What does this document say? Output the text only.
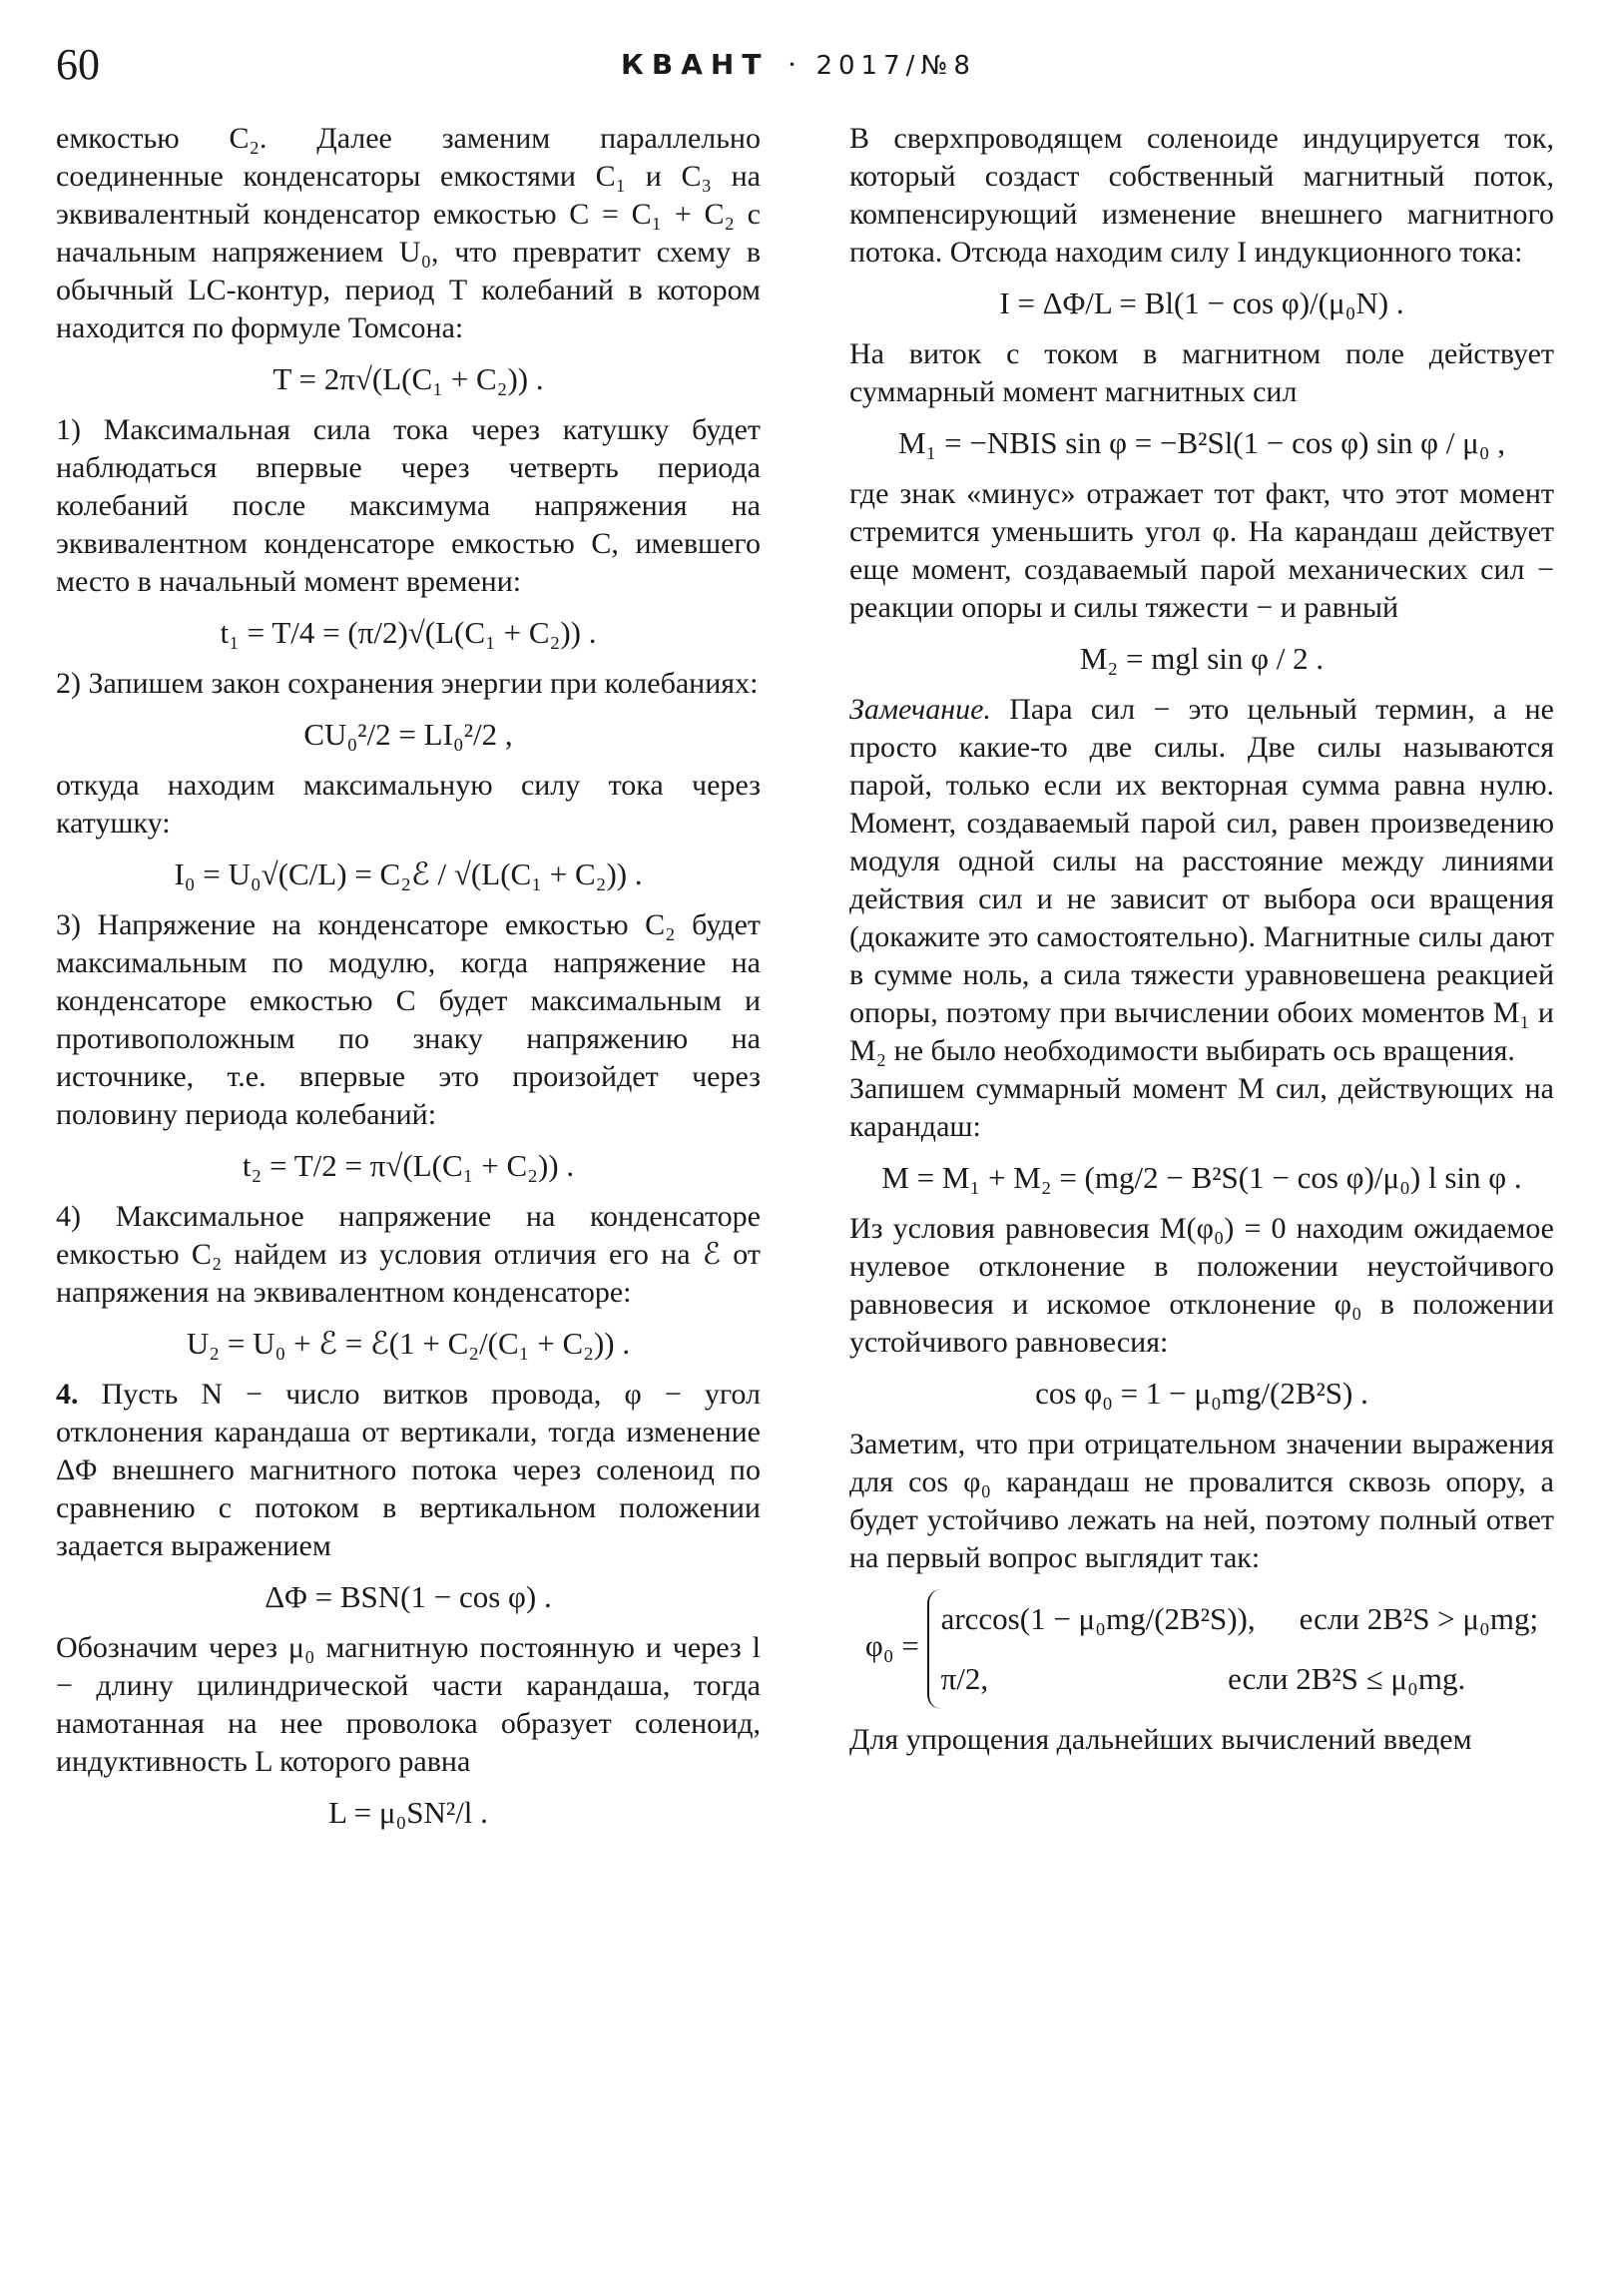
60	КВАНТ · 2017/№8

емкостью C₂. Далее заменим параллельно соединенные конденсаторы емкостями C₁ и C₃ на эквивалентный конденсатор емкостью C = C₁ + C₂ с начальным напряжением U₀, что превратит схему в обычный LC-контур, период T колебаний в котором находится по формуле Томсона:

T = 2π√(L(C₁ + C₂)) .

1) Максимальная сила тока через катушку будет наблюдаться впервые через четверть периода колебаний после максимума напряжения на эквивалентном конденсаторе емкостью C, имевшего место в начальный момент времени:

t₁ = T/4 = (π/2)√(L(C₁ + C₂)) .

2) Запишем закон сохранения энергии при колебаниях:

CU₀²/2 = LI₀²/2 ,

откуда находим максимальную силу тока через катушку:

I₀ = U₀√(C/L) = C₂ℰ / √(L(C₁ + C₂)) .

3) Напряжение на конденсаторе емкостью C₂ будет максимальным по модулю, когда напряжение на конденсаторе емкостью C будет максимальным и противоположным по знаку напряжению на источнике, т.е. впервые это произойдет через половину периода колебаний:

t₂ = T/2 = π√(L(C₁ + C₂)) .

4) Максимальное напряжение на конденсаторе емкостью C₂ найдем из условия отличия его на ℰ от напряжения на эквивалентном конденсаторе:

U₂ = U₀ + ℰ = ℰ(1 + C₂/(C₁ + C₂)) .

4. Пусть N − число витков провода, φ − угол отклонения карандаша от вертикали, тогда изменение ΔΦ внешнего магнитного потока через соленоид по сравнению с потоком в вертикальном положении задается выражением

ΔΦ = BSN(1 − cos φ) .

Обозначим через μ₀ магнитную постоянную и через l − длину цилиндрической части карандаша, тогда намотанная на нее проволока образует соленоид, индуктивность L которого равна

L = μ₀SN²/l .

В сверхпроводящем соленоиде индуцируется ток, который создаст собственный магнитный поток, компенсирующий изменение внешнего магнитного потока. Отсюда находим силу I индукционного тока:

I = ΔΦ/L = Bl(1 − cos φ)/(μ₀N) .

На виток с током в магнитном поле действует суммарный момент магнитных сил

M₁ = −NBIS sin φ = −B²Sl(1 − cos φ) sin φ / μ₀ ,

где знак «минус» отражает тот факт, что этот момент стремится уменьшить угол φ. На карандаш действует еще момент, создаваемый парой механических сил − реакции опоры и силы тяжести − и равный

M₂ = mgl sin φ / 2 .

Замечание. Пара сил − это цельный термин, а не просто какие-то две силы. Две силы называются парой, только если их векторная сумма равна нулю. Момент, создаваемый парой сил, равен произведению модуля одной силы на расстояние между линиями действия сил и не зависит от выбора оси вращения (докажите это самостоятельно). Магнитные силы дают в сумме ноль, а сила тяжести уравновешена реакцией опоры, поэтому при вычислении обоих моментов M₁ и M₂ не было необходимости выбирать ось вращения.

Запишем суммарный момент M сил, действующих на карандаш:

M = M₁ + M₂ = (mg/2 − B²S(1 − cos φ)/μ₀) l sin φ .

Из условия равновесия M(φ₀) = 0 находим ожидаемое нулевое отклонение в положении неустойчивого равновесия и искомое отклонение φ₀ в положении устойчивого равновесия:

cos φ₀ = 1 − μ₀mg/(2B²S) .

Заметим, что при отрицательном значении выражения для cos φ₀ карандаш не провалится сквозь опору, а будет устойчиво лежать на ней, поэтому полный ответ на первый вопрос выглядит так:

φ₀ =
arccos(1 − μ₀mg/(2B²S)), если 2B²S > μ₀mg;
π/2,	если 2B²S ≤ μ₀mg.

Для упрощения дальнейших вычислений введем
